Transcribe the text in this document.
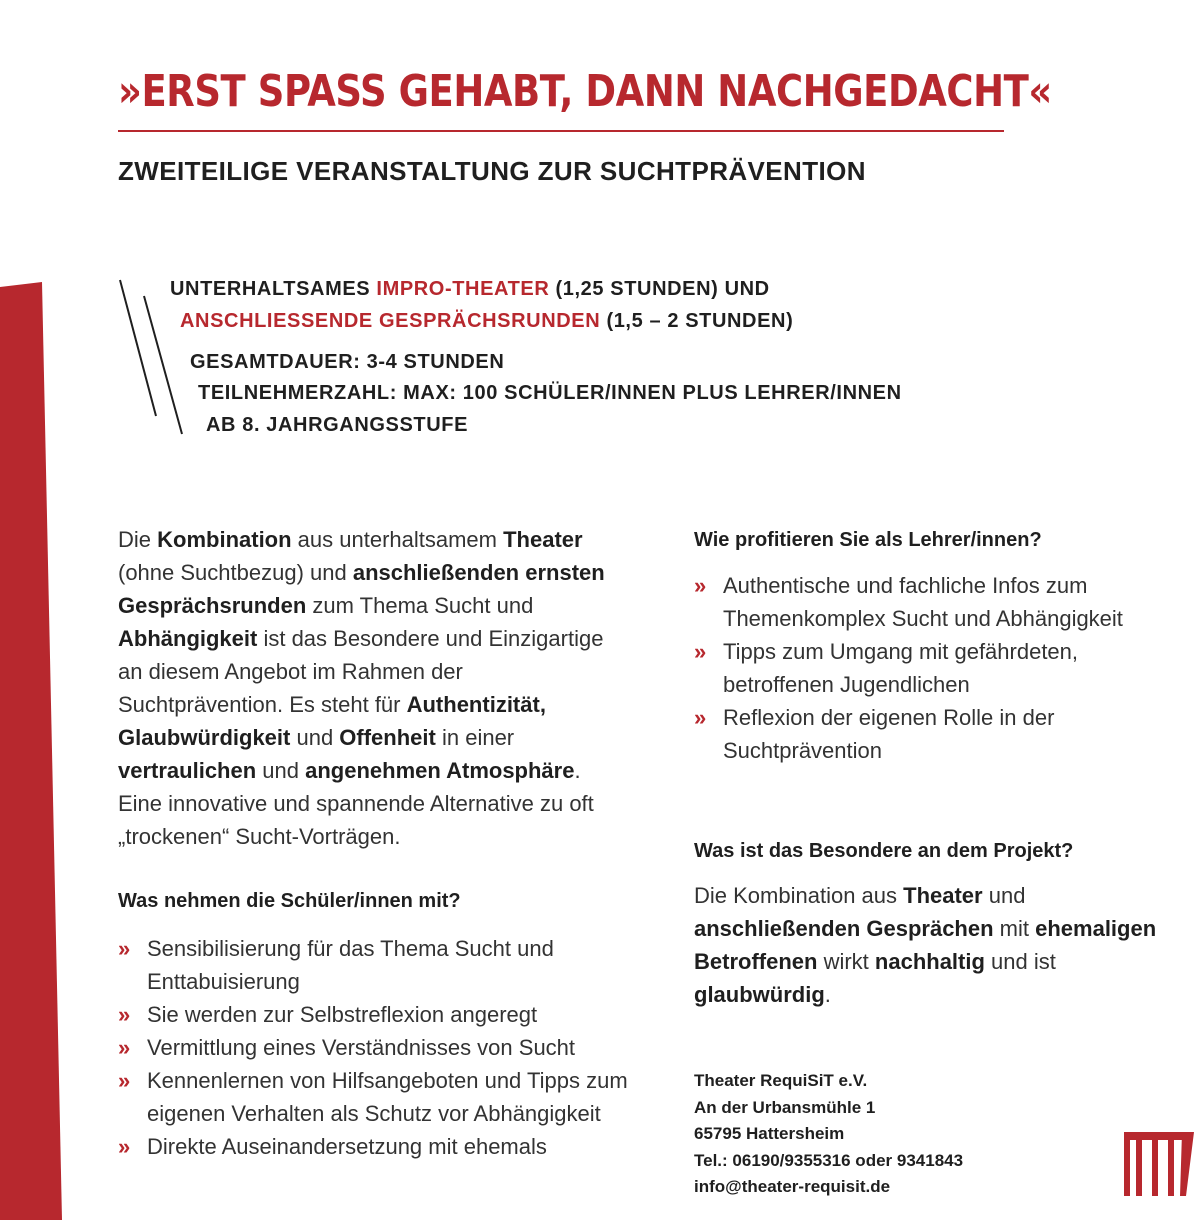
»ERST SPASS GEHABT, DANN NACHGEDACHT«
ZWEITEILIGE VERANSTALTUNG ZUR SUCHTPRÄVENTION
UNTERHALTSAMES IMPRO-THEATER (1,25 STUNDEN) UND
ANSCHLIESSENDE GESPRÄCHSRUNDEN (1,5 – 2 STUNDEN)
GESAMTDAUER: 3-4 STUNDEN
TEILNEHMERZAHL: MAX: 100 SCHÜLER/INNEN PLUS LEHRER/INNEN
AB 8. JAHRGANGSSTUFE
Die Kombination aus unterhaltsamem Theater (ohne Suchtbezug) und anschließenden ernsten Gesprächsrunden zum Thema Sucht und Abhängigkeit ist das Besondere und Einzigartige an diesem Angebot im Rahmen der Suchtprävention. Es steht für Authentizität, Glaubwürdigkeit und Offenheit in einer vertraulichen und angenehmen Atmosphäre. Eine innovative und spannende Alternative zu oft „trockenen“ Sucht-Vorträgen.
Was nehmen die Schüler/innen mit?
» Sensibilisierung für das Thema Sucht und Enttabuisierung
» Sie werden zur Selbstreflexion angeregt
» Vermittlung eines Verständnisses von Sucht
» Kennenlernen von Hilfsangeboten und Tipps zum eigenen Verhalten als Schutz vor Abhängigkeit
» Direkte Auseinandersetzung mit ehemals
Wie profitieren Sie als Lehrer/innen?
» Authentische und fachliche Infos zum Themenkomplex Sucht und Abhängigkeit
» Tipps zum Umgang mit gefährdeten, betroffenen Jugendlichen
» Reflexion der eigenen Rolle in der Suchtprävention
Was ist das Besondere an dem Projekt?
Die Kombination aus Theater und anschließenden Gesprächen mit ehemaligen Betroffenen wirkt nachhaltig und ist glaubwürdig.
Theater RequiSiT e.V.
An der Urbansmühle 1
65795 Hattersheim
Tel.: 06190/9355316 oder 9341843
info@theater-requisit.de
